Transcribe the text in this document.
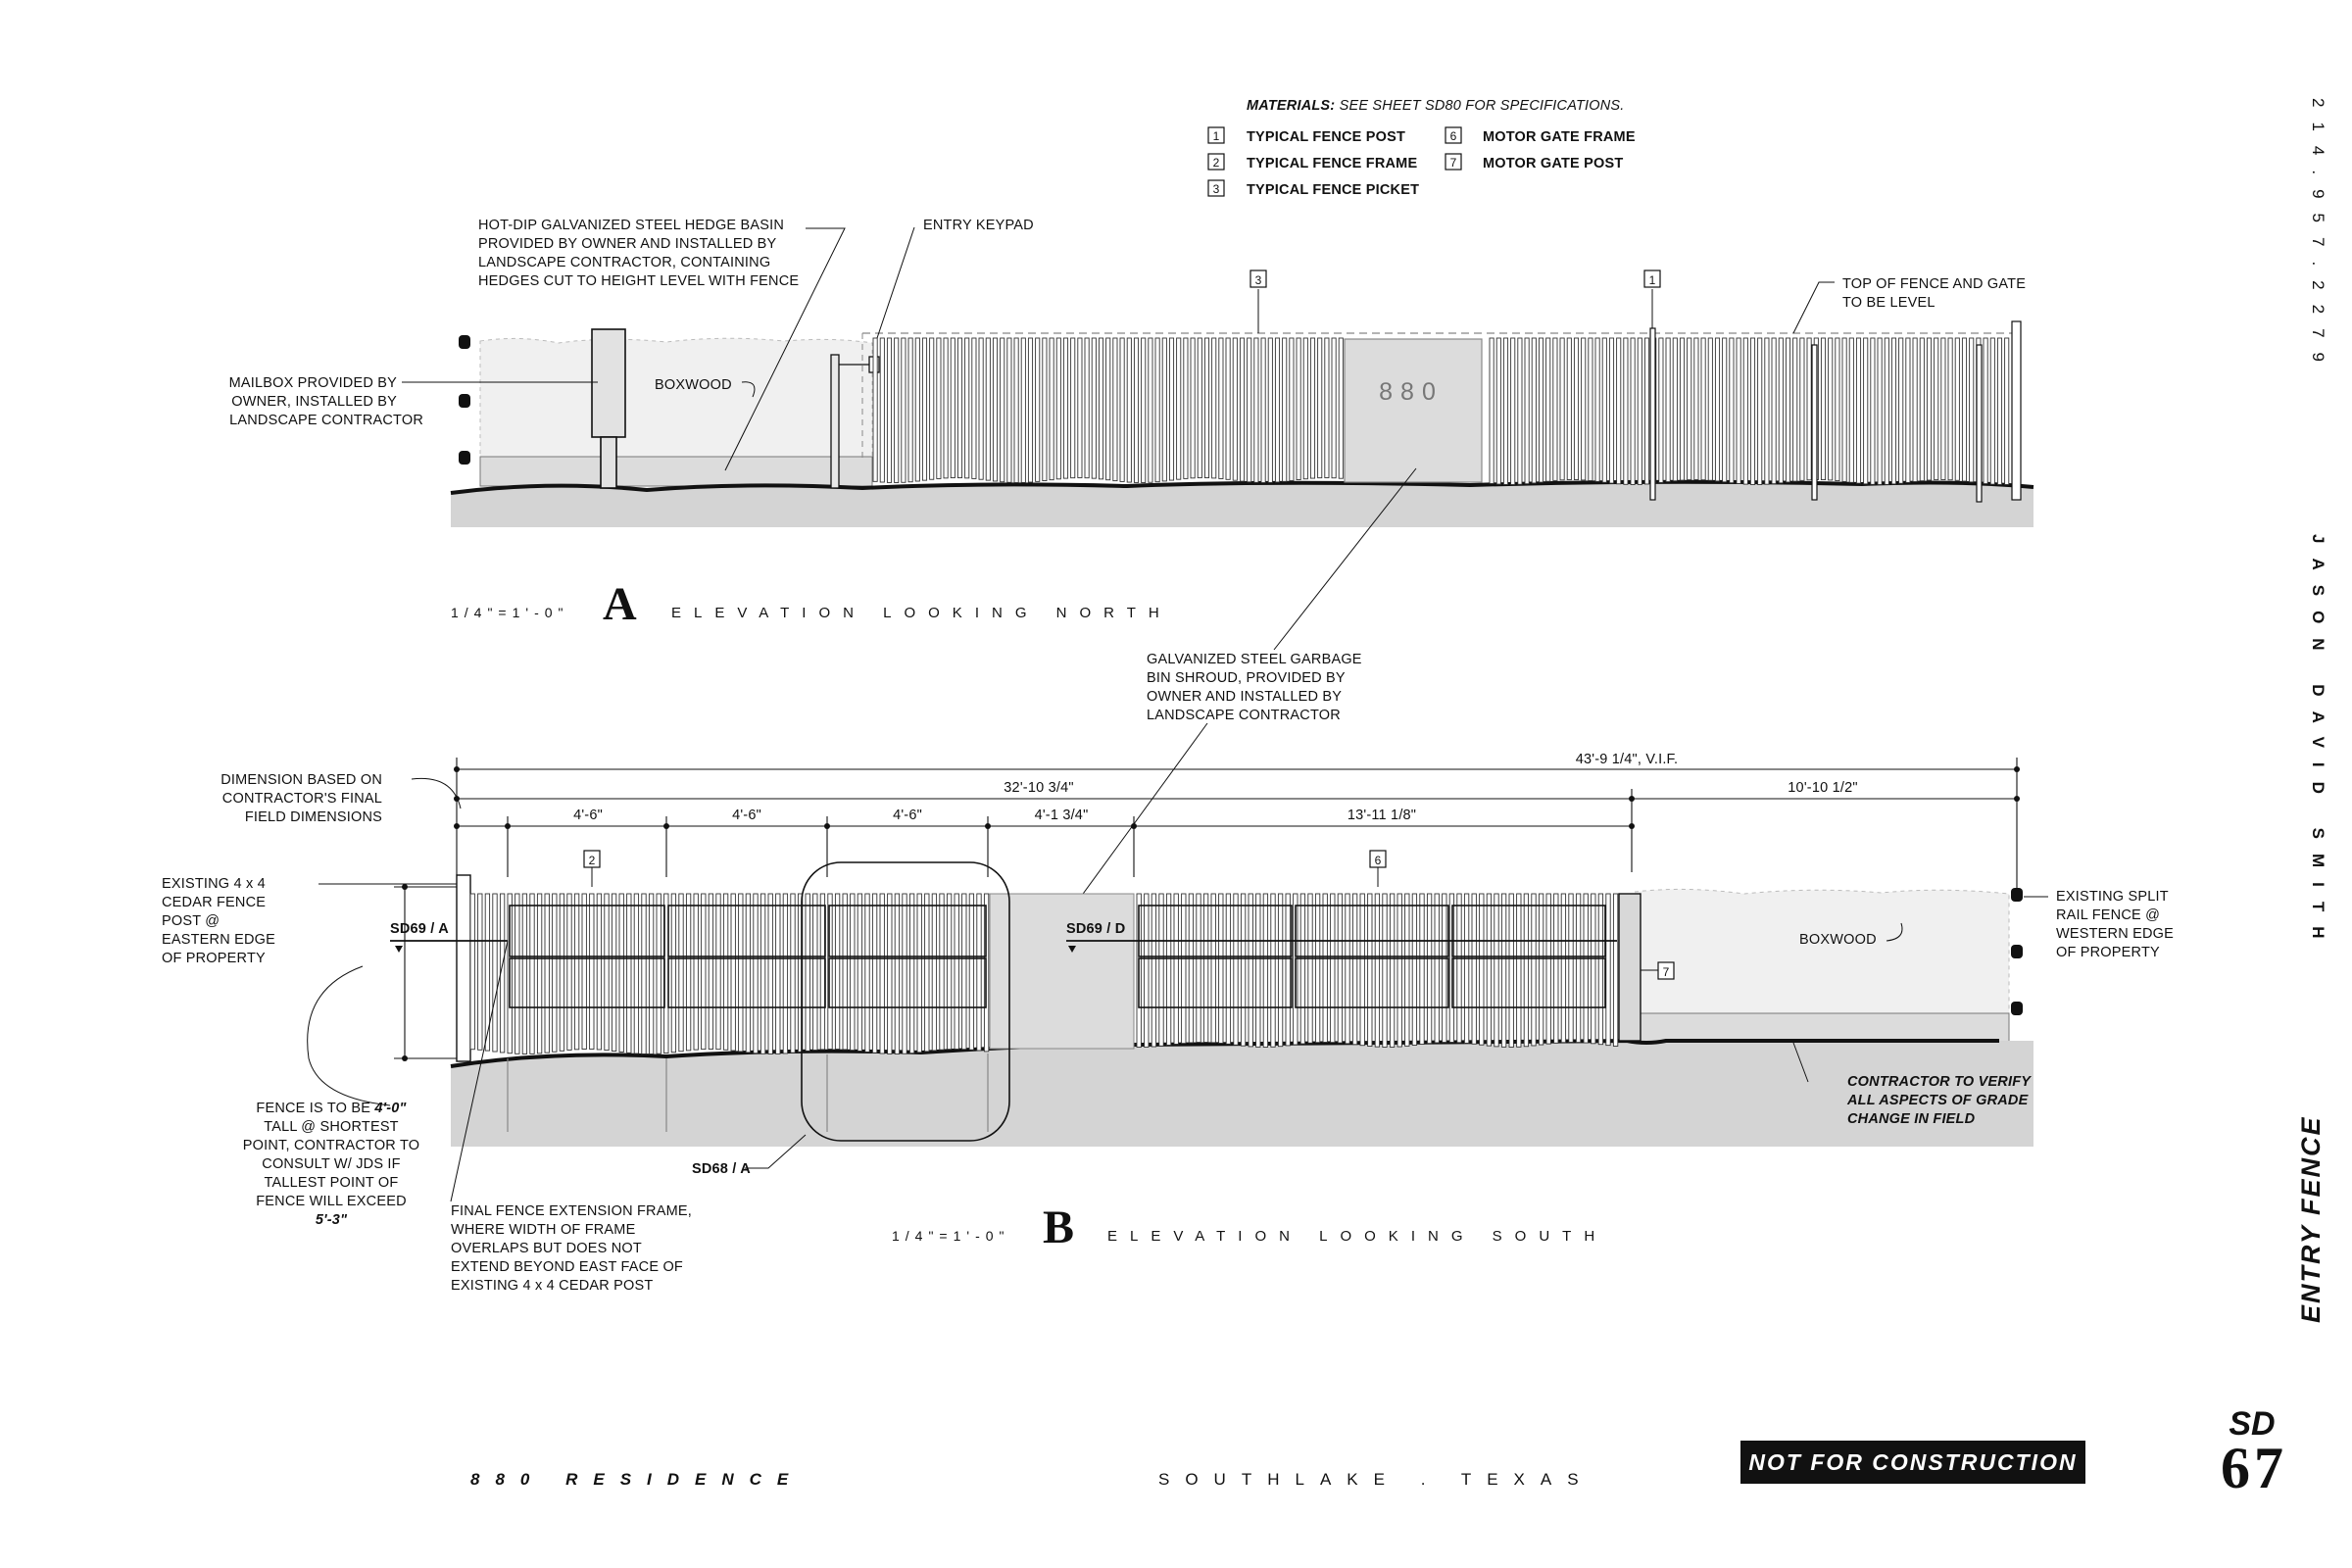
MATERIALS: SEE SHEET SD80 FOR SPECIFICATIONS.
1 TYPICAL FENCE POST
2 TYPICAL FENCE FRAME
3 TYPICAL FENCE PICKET
6 MOTOR GATE FRAME
7 MOTOR GATE POST
880
HOT-DIP GALVANIZED STEEL HEDGE BASIN
PROVIDED BY OWNER AND INSTALLED BY
LANDSCAPE CONTRACTOR, CONTAINING
HEDGES CUT TO HEIGHT LEVEL WITH FENCE
ENTRY KEYPAD
MAILBOX PROVIDED BY
OWNER, INSTALLED BY
LANDSCAPE CONTRACTOR
BOXWOOD
TOP OF FENCE AND GATE
TO BE LEVEL
3	1
1/4"=1'-0" A ELEVATION LOOKING NORTH
GALVANIZED STEEL GARBAGE
BIN SHROUD, PROVIDED BY
OWNER AND INSTALLED BY
LANDSCAPE CONTRACTOR
43'-9 1/4", V.I.F.
32'-10 3/4"	10'-10 1/2"
4'-6"	4'-6"	4'-6"	4'-1 3/4"	13'-11 1/8"
DIMENSION BASED ON
CONTRACTOR'S FINAL
FIELD DIMENSIONS
EXISTING 4 x 4
CEDAR FENCE
POST @
EASTERN EDGE
OF PROPERTY
SD69 / A	SD69 / D
2	6
7
BOXWOOD
EXISTING SPLIT
RAIL FENCE @
WESTERN EDGE
OF PROPERTY
FENCE IS TO BE 4'-0"
TALL @ SHORTEST
POINT, CONTRACTOR TO
CONSULT W/ JDS IF
TALLEST POINT OF
FENCE WILL EXCEED
5'-3"
FINAL FENCE EXTENSION FRAME,
WHERE WIDTH OF FRAME
OVERLAPS BUT DOES NOT
EXTEND BEYOND EAST FACE OF
EXISTING 4 x 4 CEDAR POST
SD68 / A
CONTRACTOR TO VERIFY
ALL ASPECTS OF GRADE
CHANGE IN FIELD
1/4"=1'-0" B ELEVATION LOOKING SOUTH
880 RESIDENCE	SOUTHLAKE . TEXAS
NOT FOR CONSTRUCTION
214.957.2279
JASON DAVID SMITH
ENTRY FENCE
SD
67
